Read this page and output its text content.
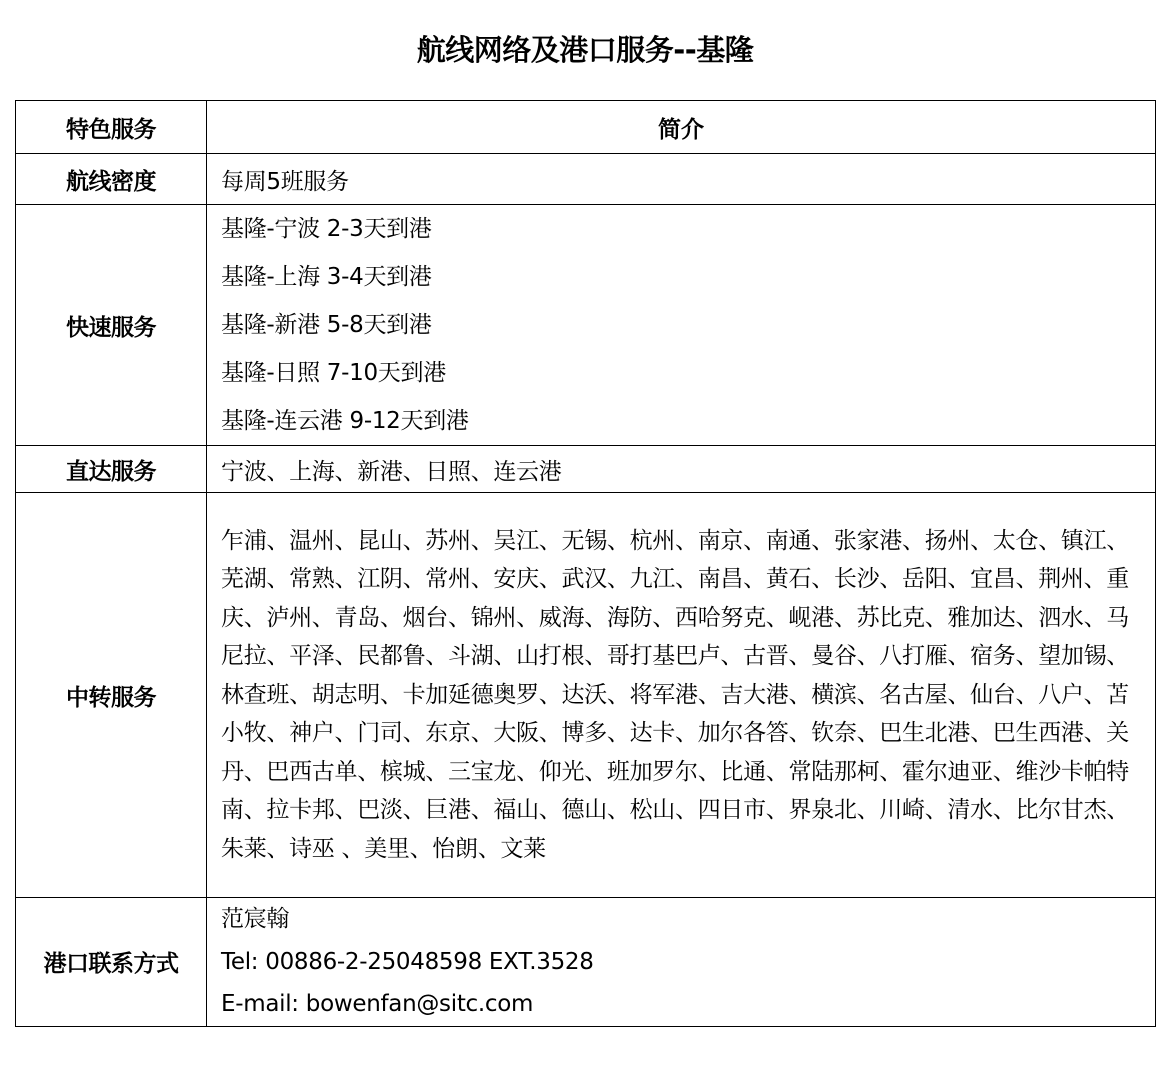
航线网络及港口服务--基隆
特色服务	简介
航线密度	每周5班服务
快速服务	基隆-宁波 2-3天到港
基隆-上海 3-4天到港
基隆-新港 5-8天到港
基隆-日照 7-10天到港
基隆-连云港 9-12天到港

直达服务	宁波、上海、新港、日照、连云港
中转服务	乍浦、温州、昆山、苏州、吴江、无锡、杭州、南京、南通、张家港、扬州、太仓、镇江、芜湖、常熟、江阴、常州、安庆、武汉、九江、南昌、黄石、长沙、岳阳、宜昌、荆州、重庆、泸州、青岛、烟台、锦州、威海、海防、西哈努克、岘港、苏比克、雅加达、泗水、马尼拉、平泽、民都鲁、斗湖、山打根、哥打基巴卢、古晋、曼谷、八打雁、宿务、望加锡、林查班、胡志明、卡加延德奥罗、达沃、将军港、吉大港、横滨、名古屋、仙台、八户、苫小牧、神户、门司、东京、大阪、博多、达卡、加尔各答、钦奈、巴生北港、巴生西港、关丹、巴西古单、槟城、三宝龙、仰光、班加罗尔、比通、常陆那柯、霍尔迪亚、维沙卡帕特南、拉卡邦、巴淡、巨港、福山、德山、松山、四日市、界泉北、川崎、清水、比尔甘杰、朱莱、诗巫 、美里、怡朗、文莱
港口联系方式	范宸翰
Tel: 00886-2-25048598 EXT.3528
E-mail: bowenfan@sitc.com
